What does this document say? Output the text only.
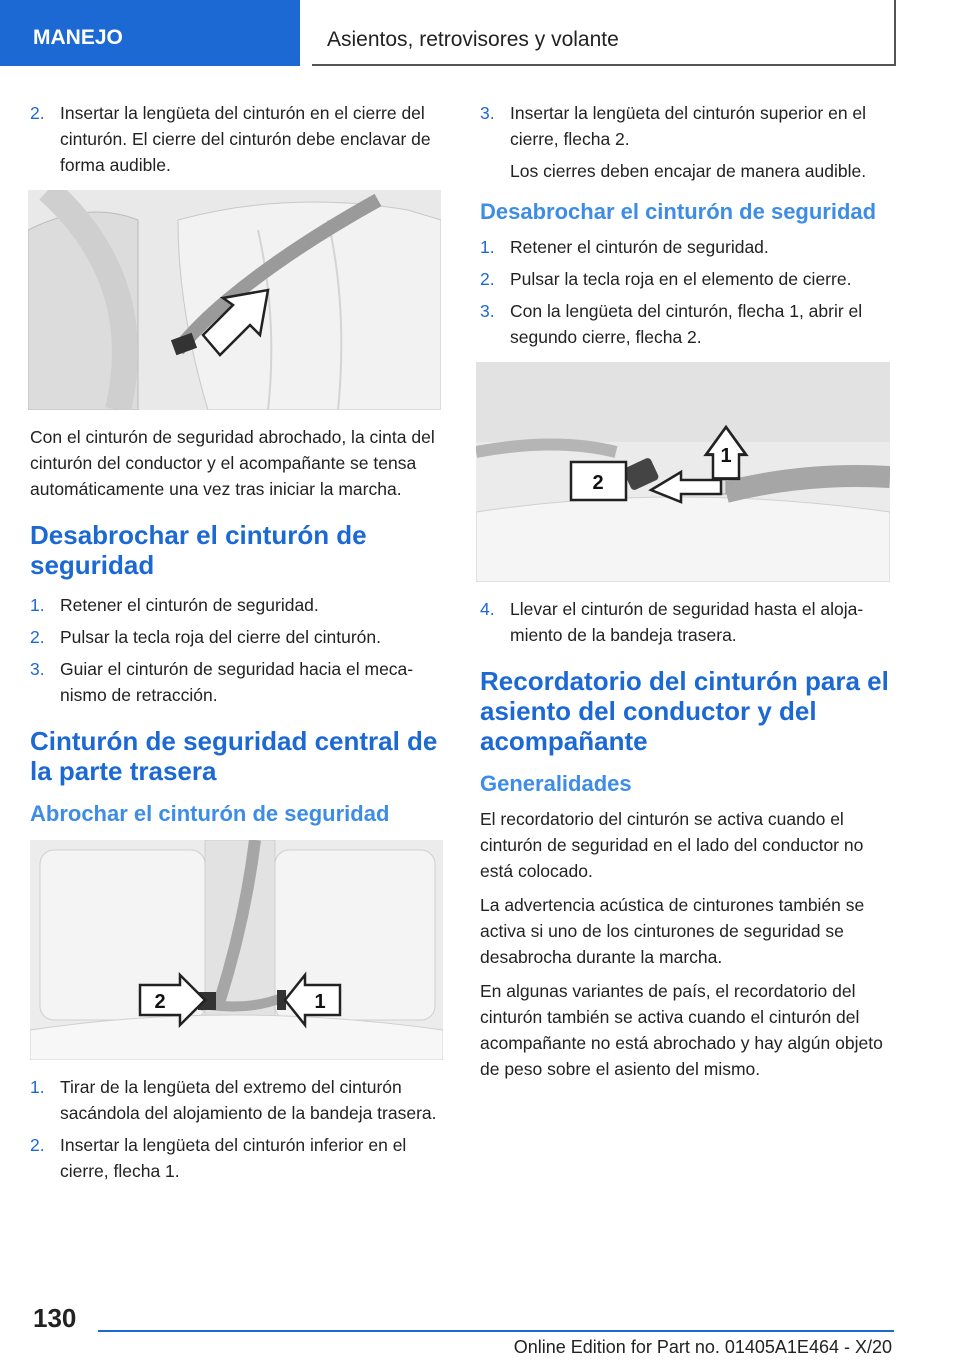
MANEJO	Asientos, retrovisores y volante
2. Insertar la lengüeta del cinturón en el cierre del cinturón. El cierre del cinturón debe enclavar de forma audible.

Con el cinturón de seguridad abrochado, la cinta del cinturón del conductor y el acompañante se tensa automáticamente una vez tras iniciar la marcha.

Desabrochar el cinturón de seguridad
1. Retener el cinturón de seguridad.
2. Pulsar la tecla roja del cierre del cinturón.
3. Guiar el cinturón de seguridad hacia el mecanismo de retracción.
Cinturón de seguridad central de la parte trasera
Abrochar el cinturón de seguridad
2	1
1. Tirar de la lengüeta del extremo del cinturón sacándola del alojamiento de la bandeja trasera.
2. Insertar la lengüeta del cinturón inferior en el cierre, flecha 1.
3. Insertar la lengüeta del cinturón superior en el cierre, flecha 2.
Los cierres deben encajar de manera audible.
Desabrochar el cinturón de seguridad
1. Retener el cinturón de seguridad.
2. Pulsar la tecla roja en el elemento de cierre.
3. Con la lengüeta del cinturón, flecha 1, abrir el segundo cierre, flecha 2.
1
2
4. Llevar el cinturón de seguridad hasta el alojamiento de la bandeja trasera.
Recordatorio del cinturón para el asiento del conductor y del acompañante
Generalidades

El recordatorio del cinturón se activa cuando el cinturón de seguridad en el lado del conductor no está colocado.

La advertencia acústica de cinturones también se activa si uno de los cinturones de seguridad se desabrocha durante la marcha.

En algunas variantes de país, el recordatorio del cinturón también se activa cuando el cinturón del acompañante no está abrochado y hay algún objeto de peso sobre el asiento del mismo.

130
Online Edition for Part no. 01405A1E464 - X/20
